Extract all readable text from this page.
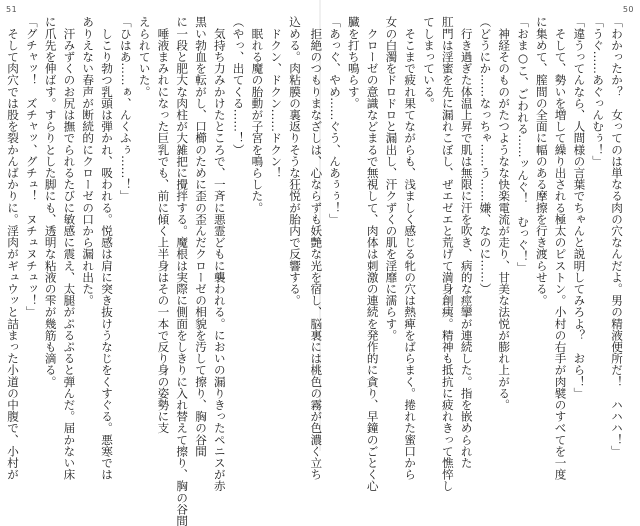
51	50

「わかったか？　女ってのは単なる肉の穴なんだよ。男の精液便所だ！　ハハハ！」

「うぐ……あぐっんむぅ！」

「違うってんなら、人間様の言葉でちゃんと説明してみろよ？　おら！」

　そして、勢いを増して繰り出される極太のピストン。小村の右手が肉襞のすべてを一度

に集めて、膣間の全面に幅のある摩擦を行き渡らせる。

「おま○こ、ごわれる……ッんぐ！　むっぐ！」

　神経そのものがたつようなな快楽電流が走り、甘美な法悦が膨れ上がる。

（どうにか……なっちゃ……う……嫌、なのに……）

　行き過ぎた体温上昇で肌は無限に汗を吹き、病的な痙攣が連続した。指を嵌められた

肛門は淫蜜を先に漏れこぼし、ぜエゼエと荒げて満身創痍。精神も抵抗に疲れきって憔悴し

てしまっている。

　そこまで疲れ果てながらも、浅ましく感じる牝の穴は熱痺をばらまく。捲れた蜜口から

女の白濁をドロドロと漏出し、汗クずくの肌を淫靡に濡らす。

　クローゼの意識などまるで無視して、肉体は刺激の連続を発作的に貪り、早鐘のごとく心

臓を打ち鳴らす。

「あっぐ、やめ……ぐう、んあぅぅ！」

　拒絶のつもりまなざしは、心ならずも妖艶な光を宿し、脳裏には桃色の霧が色濃く立ち

込める。肉粘膜の裏返りそうな狂悦が胎内で反響する。

　ドクン、ドクン……ドクン！

　眠れる魔の胎動が子宮を鳴らした。

（やっ、出てくる……！）

　気持ち力みかけたところで、一斉に悪霊どもに襲われる。においの漏りきったペニスが赤

黒い勃血を転がし、口櫛のために歪の歪んだクローゼの相貌を汚して擦り、胸の谷間

に一段と肥大な肉柱が大雑把に攪拌する。魔根は実際に側面をしきりに入れ替えて擦り、胸の谷間

　唾液まみれになった巨乳でも、前に傾く上半身はその一本で反り身の姿勢に支

えられていた。

「ひはあ……ぁ、んくふぅ……！」

　しこり勃つ乳頭は弾かれ、吸われる。悦感は肩に突き抜けうなじをくすぐる。悪寒では

ありえない春声が断続的にクローゼの口から漏れ出た。

　汗みずくのお尻は撫でられるたびに敏感に震え、太腿がぷるぷると弾んだ。届かない床

に爪先を伸ばす。すらりとした脚にも、透明な粘液の雫が幾筋も滴る。

「グチャッ！　ズチャッ、グチュ！　ヌチュヌチュッ！」

　そして肉穴では股を裂かんばかりに。淫肉がギュウッと詰まった小道の中腹で、小村が
